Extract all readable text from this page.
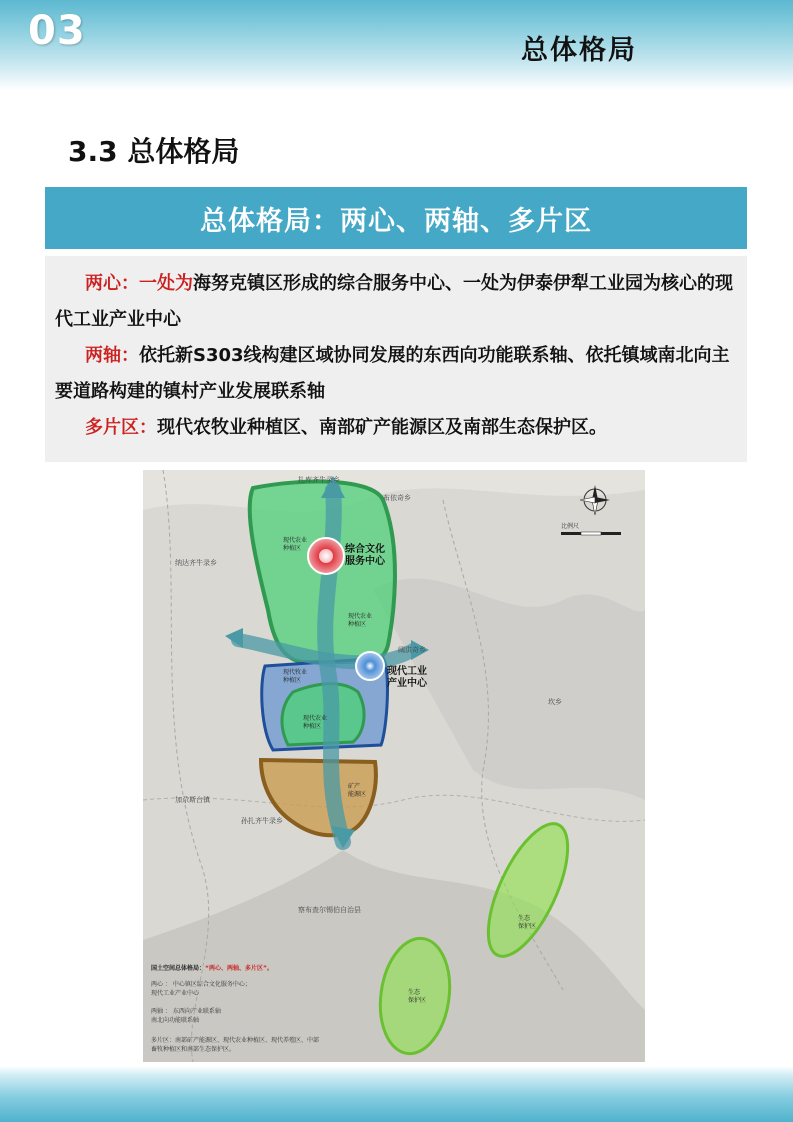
03	总体格局
3.3 总体格局
总体格局：两心、两轴、多片区
两心：一处为海努克镇区形成的综合服务中心、一处为伊泰伊犁工业园为核心的现代工业产业中心
两轴：依托新S303线构建区域协同发展的东西向功能联系轴、依托镇域南北向主要道路构建的镇村产业发展联系轴
多片区：现代农牧业种植区、南部矿产能源区及南部生态保护区。
综合文化 服务中心
现代工业 产业中心
现代农业种植区
现代农业种植区
现代牧业种植区
现代农业种植区
矿产能源区
生态保护区
生态保护区
扎库齐牛录乡
布依奇乡
纳达齐牛录乡
阔洪奇乡
坎乡
加尕斯台镇
孙扎齐牛录乡
察布查尔锡伯自治县
比例尺
国土空间总体格局：“两心、两轴、多片区”。
两心 ： 中心镇区综合文化服务中心；
现代工业产业中心
两轴 ： 东西向产业联系轴
南北向功能联系轴
多片区：南部矿产能源区、现代农业种植区、现代养殖区、中部
畜牧种植区和南部生态保护区。
